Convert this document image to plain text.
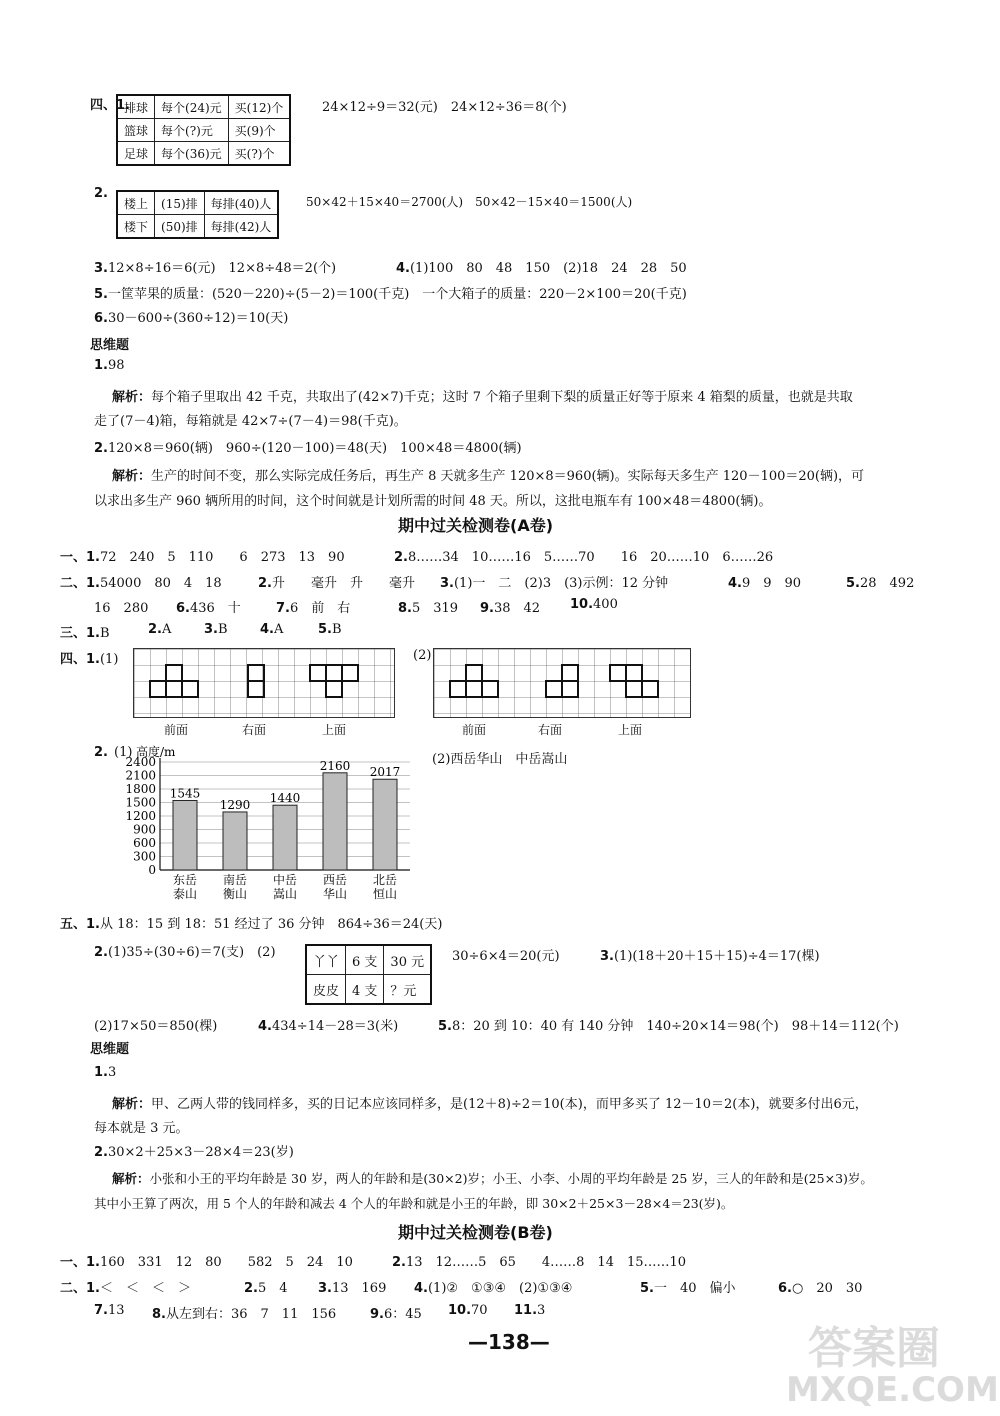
四、1.
排球	每个(24)元	买(12)个
篮球	每个(?)元	买(9)个
足球	每个(36)元	买(?)个
24×12÷9＝32(元)　24×12÷36＝8(个)
2.
楼上	(15)排	每排(40)人
楼下	(50)排	每排(42)人
50×42＋15×40＝2700(人)　50×42－15×40＝1500(人)
3.12×8÷16＝6(元)　12×8÷48＝2(个)	4.(1)100　80　48　150　(2)18　24　28　50
5.一筐苹果的质量：(520－220)÷(5－2)＝100(千克)　一个大箱子的质量：220－2×100＝20(千克)
6.30－600÷(360÷12)＝10(天)
思维题
1.98
解析：每个箱子里取出 42 千克，共取出了(42×7)千克；这时 7 个箱子里剩下梨的质量正好等于原来 4 箱梨的质量，也就是共取
走了(7－4)箱，每箱就是 42×7÷(7－4)＝98(千克)。
2.120×8＝960(辆)　960÷(120－100)＝48(天)　100×48＝4800(辆)
解析：生产的时间不变，那么实际完成任务后，再生产 8 天就多生产 120×8＝960(辆)。实际每天多生产 120－100＝20(辆)，可
以求出多生产 960 辆所用的时间，这个时间就是计划所需的时间 48 天。所以，这批电瓶车有 100×48＝4800(辆)。
期中过关检测卷(A卷)
一、1.72　240　5　110　　6　273　13　90	2.8……34　10……16　5……70　　16　20……10　6……26
二、1.54000　80　4　18	2.升　　毫升　升　　毫升 3.(1)一　二　(2)3　(3)示例：12 分钟	4.9　9　90	5.28　492
16　280 6.436　十	7.6　前　右	8.5　319 9.38　42 10.400
三、1.B	2.A	3.B 4.A	5.B
四、1.(1)	(2)
前面	右面	上面	前面	右面	上面
2. (1)	(2)西岳华山　中岳嵩山
高度/m
0
300
600
900
1200
1500
1800
2100
2400
1545
东岳
泰山
1290
南岳
衡山
1440
中岳
嵩山
2160
西岳
华山
2017
北岳
恒山
五、1.从 18：15 到 18：51 经过了 36 分钟　864÷36＝24(天)
2.(1)35÷(30÷6)＝7(支)　(2)
丫丫	6 支	30 元
皮皮	4 支	？元
30÷6×4＝20(元)	3.(1)(18＋20＋15＋15)÷4＝17(棵)
(2)17×50＝850(棵)	4.434÷14－28＝3(米)	5.8：20 到 10：40 有 140 分钟　140÷20×14＝98(个)　98＋14＝112(个)
思维题
1.3
解析：甲、乙两人带的钱同样多，买的日记本应该同样多，是(12＋8)÷2＝10(本)，而甲多买了 12－10＝2(本)，就要多付出6元，
每本就是 3 元。
2.30×2＋25×3－28×4＝23(岁)
解析：小张和小王的平均年龄是 30 岁，两人的年龄和是(30×2)岁；小王、小李、小周的平均年龄是 25 岁，三人的年龄和是(25×3)岁。
其中小王算了两次，用 5 个人的年龄和减去 4 个人的年龄和就是小王的年龄，即 30×2＋25×3－28×4＝23(岁)。
期中过关检测卷(B卷)
一、1.160　331　12　80　　582　5　24　10	2.13　12……5　65　　4……8　14　15……10
二、1.＜　＜　＜　＞	2.5　4 3.13　169 4.(1)②　①③④　(2)①③④	5.一　40　偏小	6.○　20　30
7.13 8.从左到右：36　7　11　156	9.6：45 10.70 11.3
—138—	答案圈
MXQE.COM
